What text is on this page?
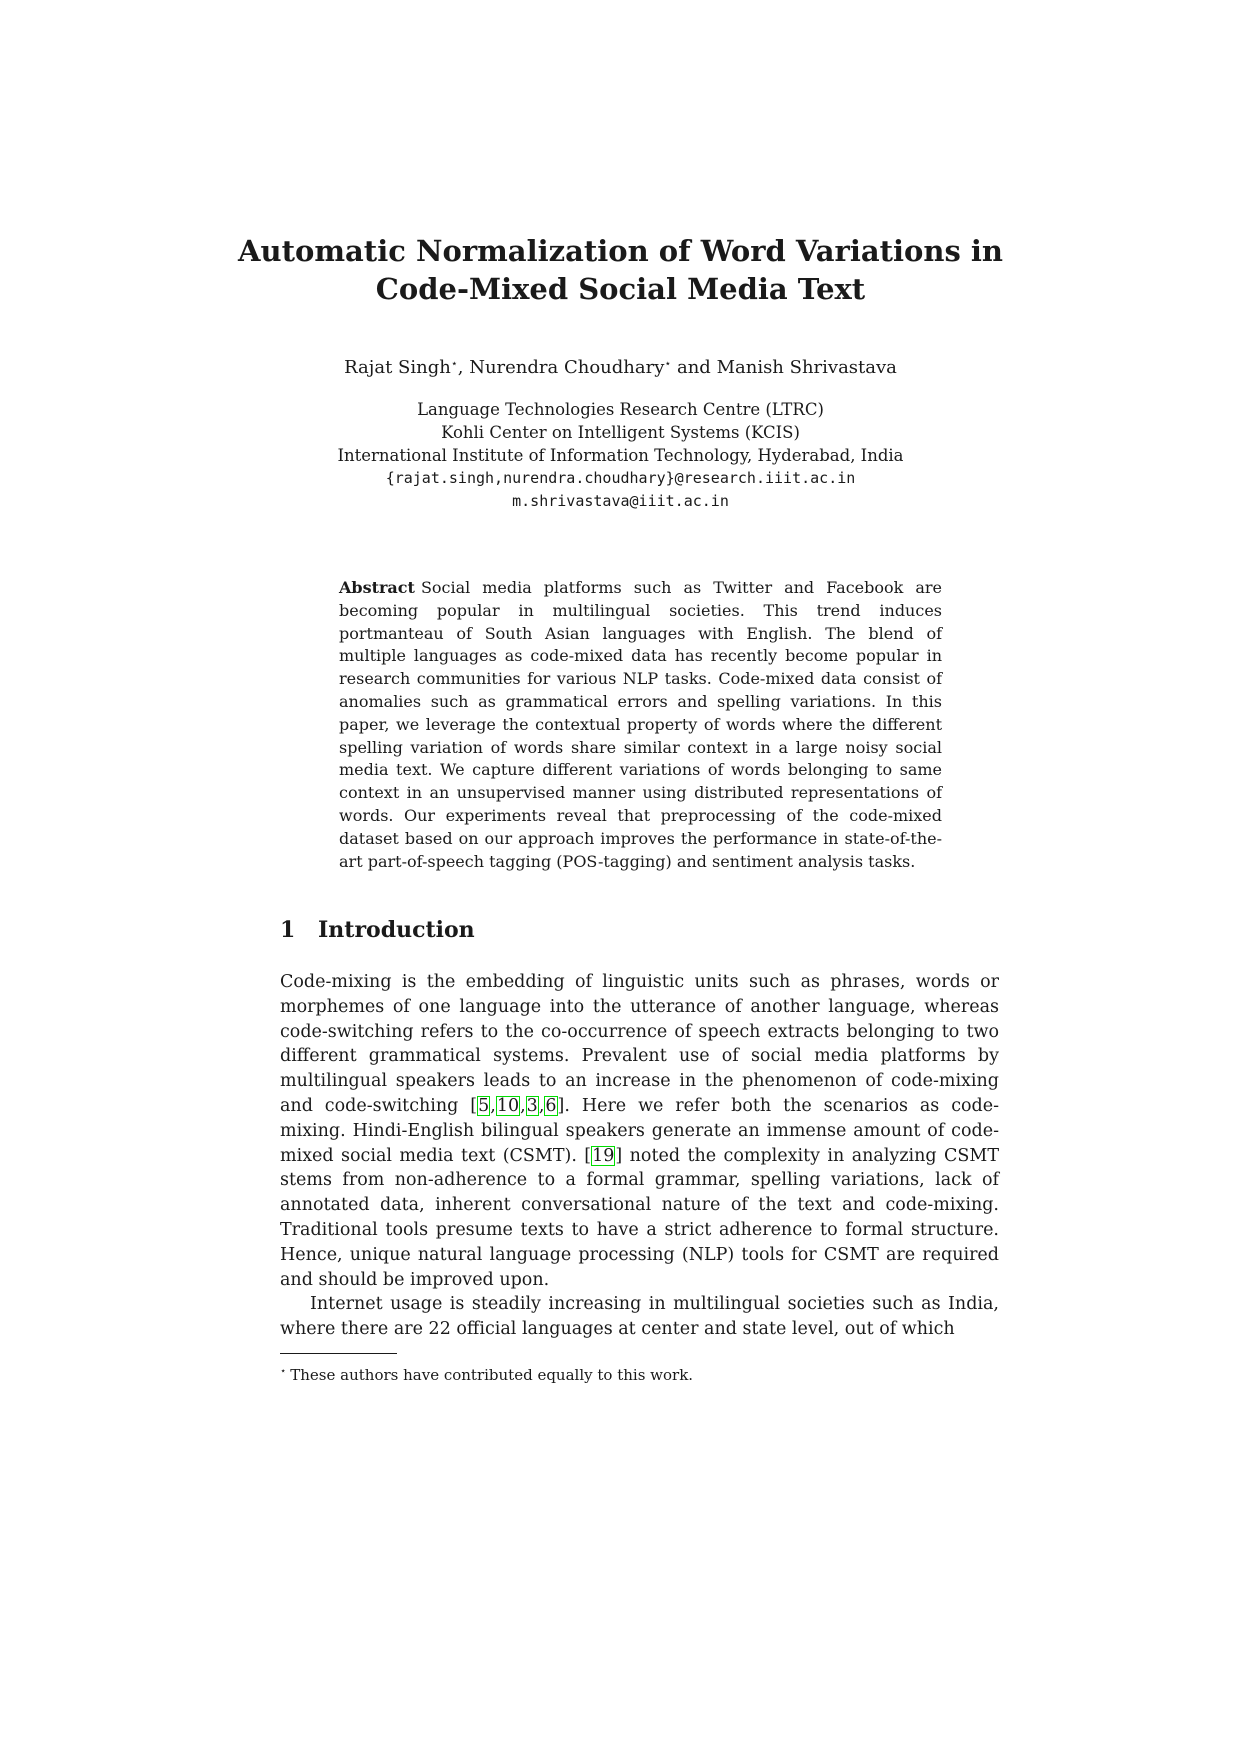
Automatic Normalization of Word Variations in
Code-Mixed Social Media Text
Rajat Singh⋆, Nurendra Choudhary⋆ and Manish Shrivastava
Language Technologies Research Centre (LTRC)
Kohli Center on Intelligent Systems (KCIS)
International Institute of Information Technology, Hyderabad, India
{rajat.singh,nurendra.choudhary}@research.iiit.ac.in
m.shrivastava@iiit.ac.in
Abstract Social media platforms such as Twitter and Facebook are becoming popular in multilingual societies. This trend induces portmanteau of South Asian languages with English. The blend of multiple languages as code-mixed data has recently become popular in research communities for various NLP tasks. Code-mixed data consist of anomalies such as grammatical errors and spelling variations. In this paper, we leverage the contextual property of words where the different spelling variation of words share similar context in a large noisy social media text. We capture different variations of words belonging to same context in an unsupervised manner using distributed representations of words. Our experiments reveal that preprocessing of the code-mixed dataset based on our approach improves the performance in state-of-the-art part-of-speech tagging (POS-tagging) and sentiment analysis tasks.
1 Introduction

Code-mixing is the embedding of linguistic units such as phrases, words or morphemes of one language into the utterance of another language, whereas code-switching refers to the co-occurrence of speech extracts belonging to two different grammatical systems. Prevalent use of social media platforms by multilingual speakers leads to an increase in the phenomenon of code-mixing and code-switching [5,10,3,6]. Here we refer both the scenarios as code-mixing. Hindi-English bilingual speakers generate an immense amount of code-mixed social media text (CSMT). [19] noted the complexity in analyzing CSMT stems from non-adherence to a formal grammar, spelling variations, lack of annotated data, inherent conversational nature of the text and code-mixing. Traditional tools presume texts to have a strict adherence to formal structure. Hence, unique natural language processing (NLP) tools for CSMT are required and should be improved upon.

Internet usage is steadily increasing in multilingual societies such as India, where there are 22 official languages at center and state level, out of which

⋆ These authors have contributed equally to this work.
